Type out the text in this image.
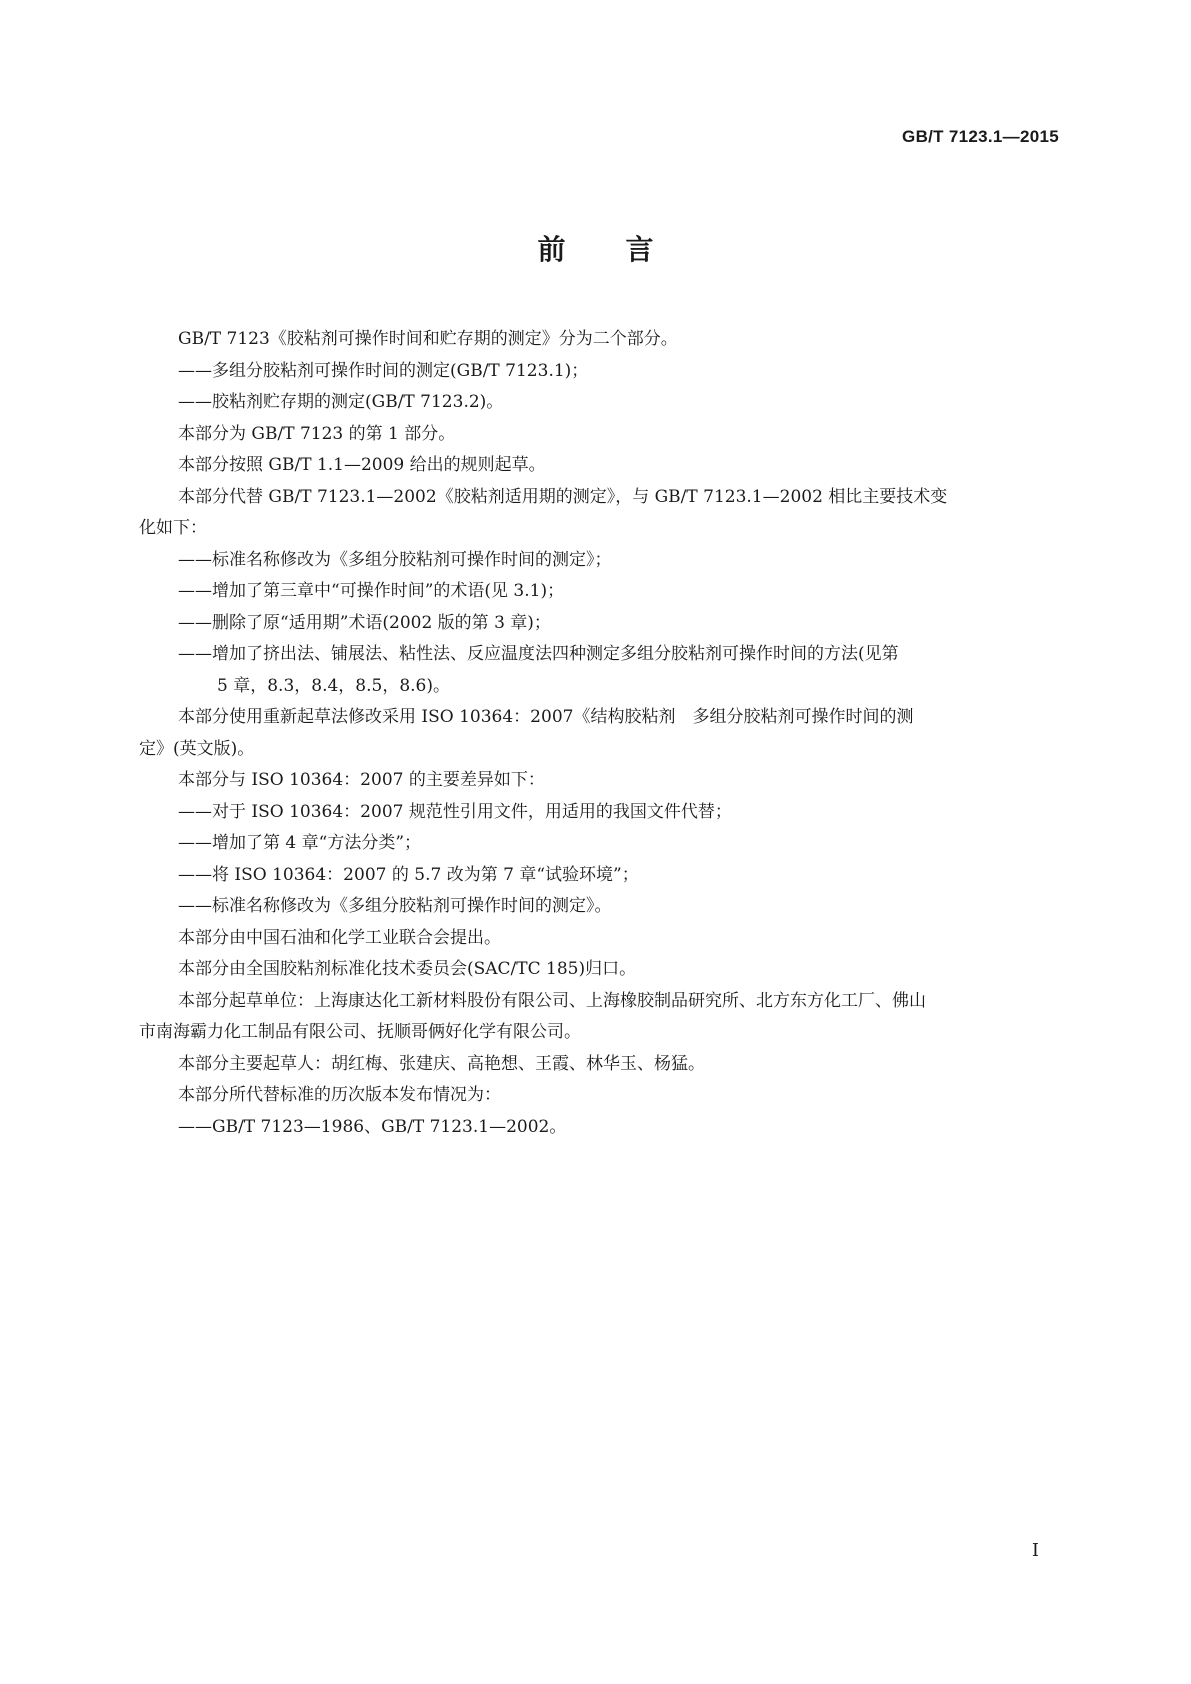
GB/T 7123.1—2015
前言

GB/T 7123《胶粘剂可操作时间和贮存期的测定》分为二个部分。

——多组分胶粘剂可操作时间的测定(GB/T 7123.1)；

——胶粘剂贮存期的测定(GB/T 7123.2)。

本部分为 GB/T 7123 的第 1 部分。

本部分按照 GB/T 1.1—2009 给出的规则起草。

本部分代替 GB/T 7123.1—2002《胶粘剂适用期的测定》，与 GB/T 7123.1—2002 相比主要技术变

化如下：

——标准名称修改为《多组分胶粘剂可操作时间的测定》；

——增加了第三章中“可操作时间”的术语(见 3.1)；

——删除了原“适用期”术语(2002 版的第 3 章)；

——增加了挤出法、铺展法、粘性法、反应温度法四种测定多组分胶粘剂可操作时间的方法(见第

5 章，8.3，8.4，8.5，8.6)。

本部分使用重新起草法修改采用 ISO 10364：2007《结构胶粘剂　多组分胶粘剂可操作时间的测

定》(英文版)。

本部分与 ISO 10364：2007 的主要差异如下：

——对于 ISO 10364：2007 规范性引用文件，用适用的我国文件代替；

——增加了第 4 章“方法分类”；

——将 ISO 10364：2007 的 5.7 改为第 7 章“试验环境”；

——标准名称修改为《多组分胶粘剂可操作时间的测定》。

本部分由中国石油和化学工业联合会提出。

本部分由全国胶粘剂标准化技术委员会(SAC/TC 185)归口。

本部分起草单位：上海康达化工新材料股份有限公司、上海橡胶制品研究所、北方东方化工厂、佛山

市南海霸力化工制品有限公司、抚顺哥俩好化学有限公司。

本部分主要起草人：胡红梅、张建庆、高艳想、王霞、林华玉、杨猛。

本部分所代替标准的历次版本发布情况为：

——GB/T 7123—1986、GB/T 7123.1—2002。

I
